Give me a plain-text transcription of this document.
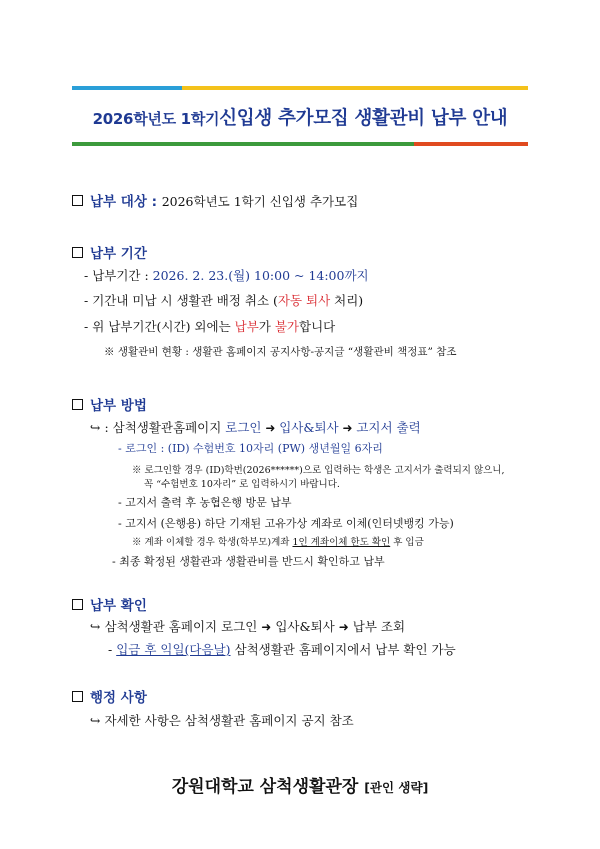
2026학년도 1학기신입생 추가모집 생활관비 납부 안내
납부 대상 : 2026학년도 1학기 신입생 추가모집
납부 기간
- 납부기간 : 2026. 2. 23.(월) 10:00 ~ 14:00까지
- 기간내 미납 시 생활관 배정 취소 (자동 퇴사 처리)
- 위 납부기간(시간) 외에는 납부가 불가합니다
※ 생활관비 현황 : 생활관 홈페이지 공지사항-공지글 “생활관비 책정표” 참조
납부 방법
↪ : 삼척생활관홈페이지 로그인 ➜ 입사&퇴사 ➜ 고지서 출력
- 로그인 : (ID) 수험번호 10자리 (PW) 생년월일 6자리
※ 로그인할 경우 (ID)학번(2026******)으로 입력하는 학생은 고지서가 출력되지 않으니,
꼭 “수험번호 10자리” 로 입력하시기 바랍니다.
- 고지서 출력 후 농협은행 방문 납부
- 고지서 (은행용) 하단 기재된 고유가상 계좌로 이체(인터넷뱅킹 가능)
※ 계좌 이체할 경우 학생(학부모)계좌 1인 계좌이체 한도 확인 후 입금
- 최종 확정된 생활관과 생활관비를 반드시 확인하고 납부
납부 확인
↪ 삼척생활관 홈페이지 로그인 ➜ 입사&퇴사 ➜ 납부 조회
- 입금 후 익일(다음날) 삼척생활관 홈페이지에서 납부 확인 가능
행정 사항
↪ 자세한 사항은 삼척생활관 홈페이지 공지 참조
강원대학교 삼척생활관장 [관인 생략]
